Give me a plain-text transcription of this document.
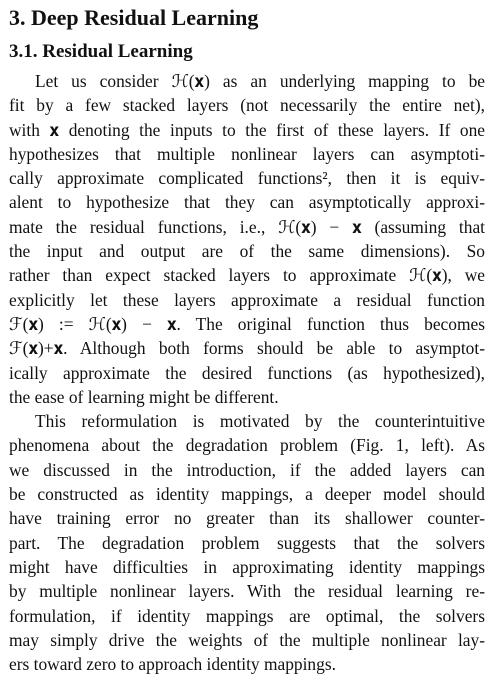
3. Deep Residual Learning
3.1. Residual Learning
Let us consider ℋ(𝐱) as an underlying mapping to be
fit by a few stacked layers (not necessarily the entire net),
with 𝐱 denoting the inputs to the first of these layers. If one
hypothesizes that multiple nonlinear layers can asymptoti-
cally approximate complicated functions², then it is equiv-
alent to hypothesize that they can asymptotically approxi-
mate the residual functions, i.e., ℋ(𝐱) − 𝐱 (assuming that
the input and output are of the same dimensions). So
rather than expect stacked layers to approximate ℋ(𝐱), we
explicitly let these layers approximate a residual function
ℱ(𝐱) := ℋ(𝐱) − 𝐱. The original function thus becomes
ℱ(𝐱)+𝐱. Although both forms should be able to asymptot-
ically approximate the desired functions (as hypothesized),
the ease of learning might be different.
This reformulation is motivated by the counterintuitive
phenomena about the degradation problem (Fig. 1, left). As
we discussed in the introduction, if the added layers can
be constructed as identity mappings, a deeper model should
have training error no greater than its shallower counter-
part. The degradation problem suggests that the solvers
might have difficulties in approximating identity mappings
by multiple nonlinear layers. With the residual learning re-
formulation, if identity mappings are optimal, the solvers
may simply drive the weights of the multiple nonlinear lay-
ers toward zero to approach identity mappings.
